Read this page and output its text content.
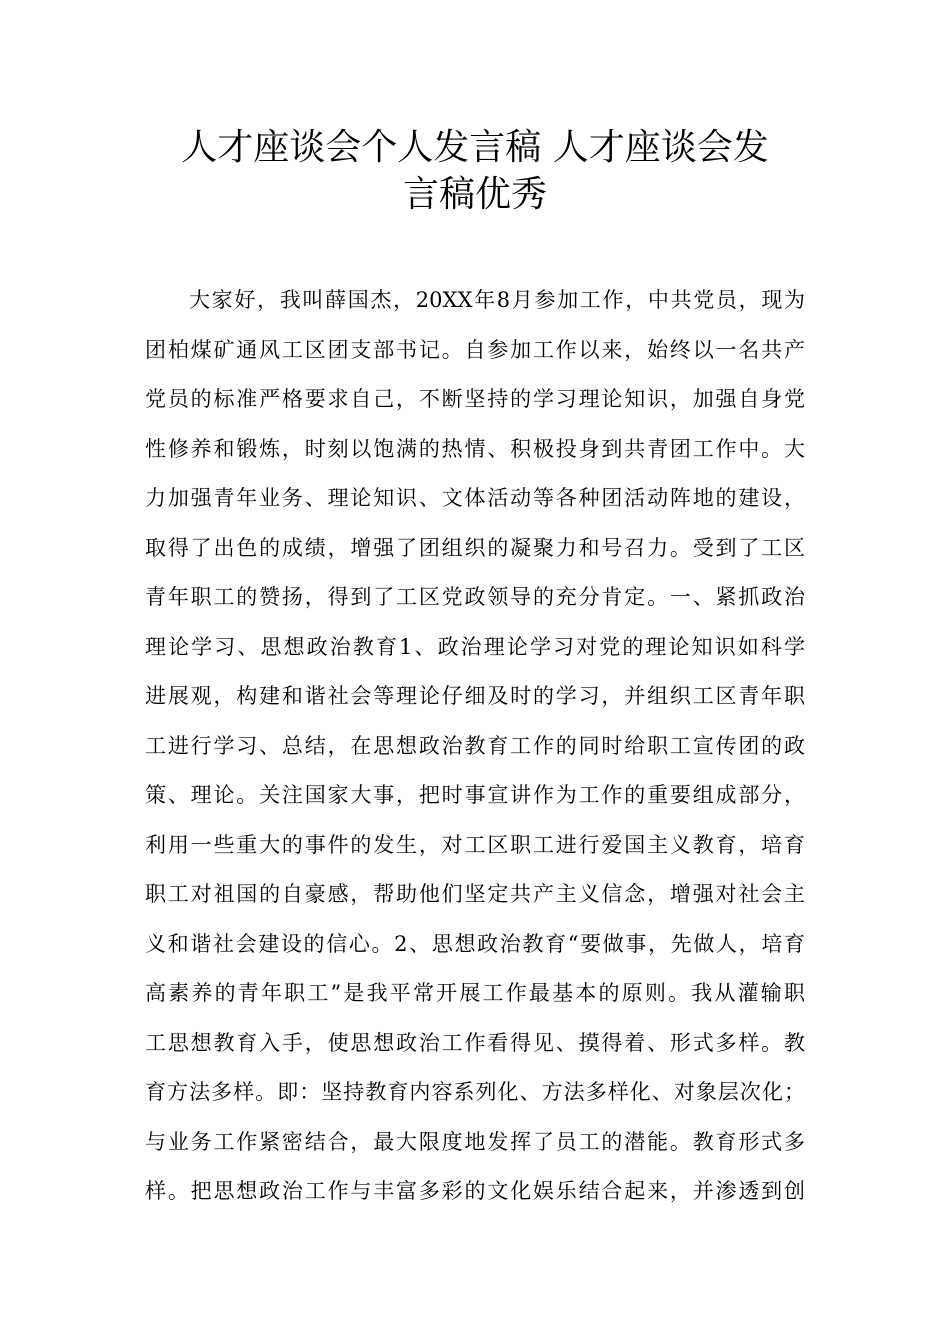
人才座谈会个人发言稿 人才座谈会发
言稿优秀
大家好，我叫薛国杰，20XX年8月参加工作，中共党员，现为
团柏煤矿通风工区团支部书记。自参加工作以来，始终以一名共产
党员的标准严格要求自己，不断坚持的学习理论知识，加强自身党
性修养和锻炼，时刻以饱满的热情、积极投身到共青团工作中。大
力加强青年业务、理论知识、文体活动等各种团活动阵地的建设，
取得了出色的成绩，增强了团组织的凝聚力和号召力。受到了工区
青年职工的赞扬，得到了工区党政领导的充分肯定。一、紧抓政治
理论学习、思想政治教育1、政治理论学习对党的理论知识如科学
进展观，构建和谐社会等理论仔细及时的学习，并组织工区青年职
工进行学习、总结，在思想政治教育工作的同时给职工宣传团的政
策、理论。关注国家大事，把时事宣讲作为工作的重要组成部分，
利用一些重大的事件的发生，对工区职工进行爱国主义教育，培育
职工对祖国的自豪感，帮助他们坚定共产主义信念，增强对社会主
义和谐社会建设的信心。2、思想政治教育“要做事，先做人，培育
高素养的青年职工”是我平常开展工作最基本的原则。我从灌输职
工思想教育入手，使思想政治工作看得见、摸得着、形式多样。教
育方法多样。即：坚持教育内容系列化、方法多样化、对象层次化；
与业务工作紧密结合，最大限度地发挥了员工的潜能。教育形式多
样。把思想政治工作与丰富多彩的文化娱乐结合起来，并渗透到创
